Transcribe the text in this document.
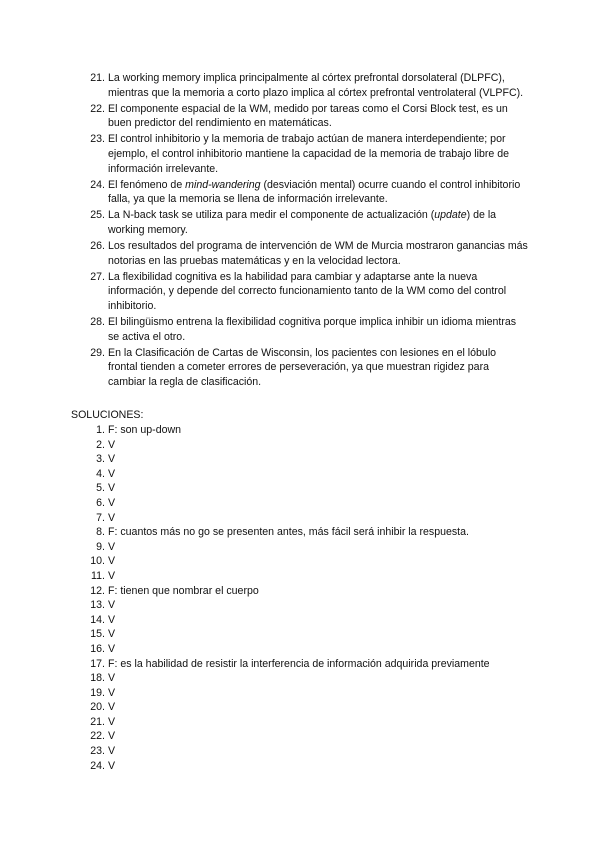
21. La working memory implica principalmente al córtex prefrontal dorsolateral (DLPFC), mientras que la memoria a corto plazo implica al córtex prefrontal ventrolateral (VLPFC).
22. El componente espacial de la WM, medido por tareas como el Corsi Block test, es un buen predictor del rendimiento en matemáticas.
23. El control inhibitorio y la memoria de trabajo actúan de manera interdependiente; por ejemplo, el control inhibitorio mantiene la capacidad de la memoria de trabajo libre de información irrelevante.
24. El fenómeno de mind-wandering (desviación mental) ocurre cuando el control inhibitorio falla, ya que la memoria se llena de información irrelevante.
25. La N-back task se utiliza para medir el componente de actualización (update) de la working memory.
26. Los resultados del programa de intervención de WM de Murcia mostraron ganancias más notorias en las pruebas matemáticas y en la velocidad lectora.
27. La flexibilidad cognitiva es la habilidad para cambiar y adaptarse ante la nueva información, y depende del correcto funcionamiento tanto de la WM como del control inhibitorio.
28. El bilingüismo entrena la flexibilidad cognitiva porque implica inhibir un idioma mientras se activa el otro.
29. En la Clasificación de Cartas de Wisconsin, los pacientes con lesiones en el lóbulo frontal tienden a cometer errores de perseveración, ya que muestran rigidez para cambiar la regla de clasificación.
SOLUCIONES:
1. F: son up-down
2. V
3. V
4. V
5. V
6. V
7. V
8. F: cuantos más no go se presenten antes, más fácil será inhibir la respuesta.
9. V
10. V
11. V
12. F: tienen que nombrar el cuerpo
13. V
14. V
15. V
16. V
17. F: es la habilidad de resistir la interferencia de información adquirida previamente
18. V
19. V
20. V
21. V
22. V
23. V
24. V
